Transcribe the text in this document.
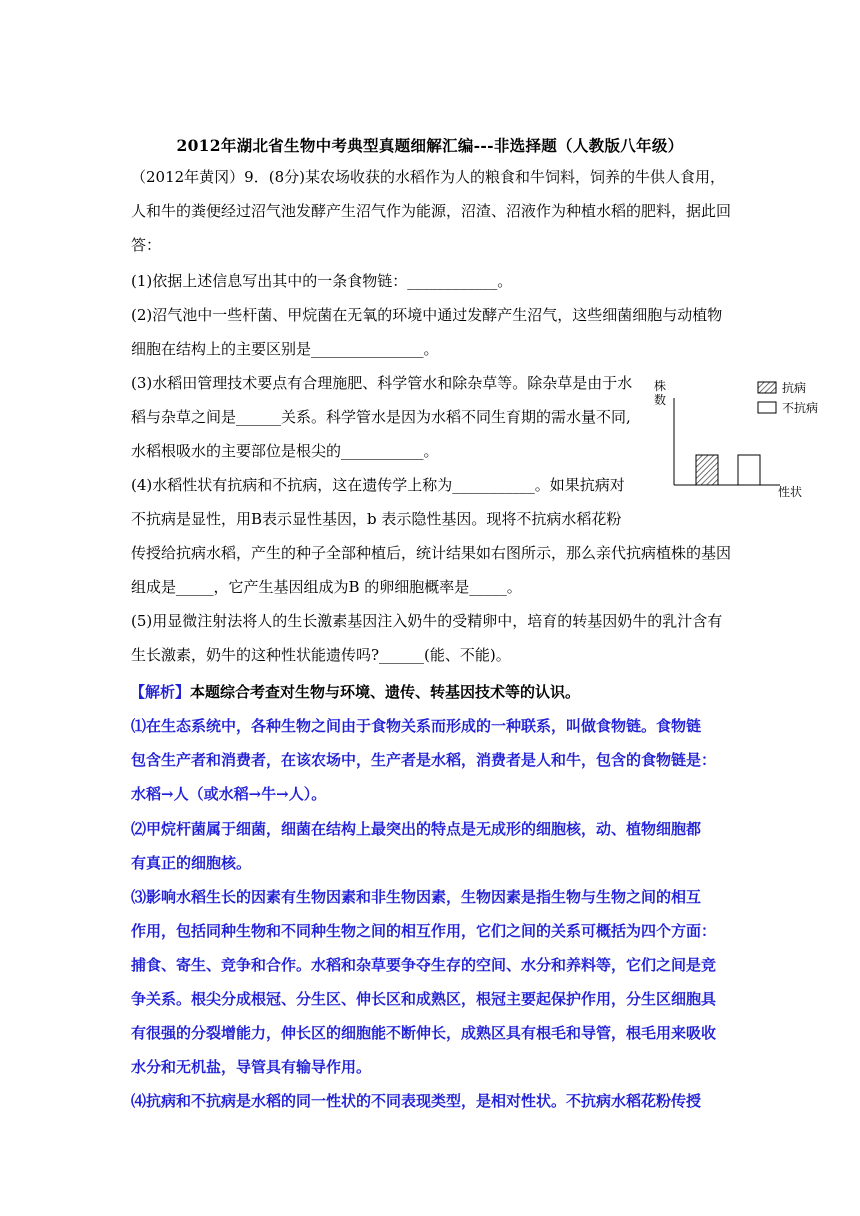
2012年湖北省生物中考典型真题细解汇编---非选择题（人教版八年级）
（2012年黄冈）9．(8分)某农场收获的水稻作为人的粮食和牛饲料，饲养的牛供人食用，
人和牛的粪便经过沼气池发酵产生沼气作为能源，沼渣、沼液作为种植水稻的肥料，据此回
答：
(1)依据上述信息写出其中的一条食物链：____________。
(2)沼气池中一些杆菌、甲烷菌在无氧的环境中通过发酵产生沼气，这些细菌细胞与动植物
细胞在结构上的主要区别是_______________。
(3)水稻田管理技术要点有合理施肥、科学管水和除杂草等。除杂草是由于水
稻与杂草之间是______关系。科学管水是因为水稻不同生育期的需水量不同,
水稻根吸水的主要部位是根尖的___________。
(4)水稻性状有抗病和不抗病，这在遗传学上称为___________。如果抗病对
不抗病是显性，用B表示显性基因，b 表示隐性基因。现将不抗病水稻花粉
传授给抗病水稻，产生的种子全部种植后，统计结果如右图所示，那么亲代抗病植株的基因
组成是_____，它产生基因组成为B 的卵细胞概率是_____。
(5)用显微注射法将人的生长激素基因注入奶牛的受精卵中，培育的转基因奶牛的乳汁含有
生长激素，奶牛的这种性状能遗传吗?______(能、不能)。
株
数
性状
抗病
不抗病
【解析】本题综合考查对生物与环境、遗传、转基因技术等的认识。
⑴在生态系统中，各种生物之间由于食物关系而形成的一种联系，叫做食物链。食物链
包含生产者和消费者，在该农场中，生产者是水稻，消费者是人和牛，包含的食物链是：
水稻→人（或水稻→牛→人）。
⑵甲烷杆菌属于细菌，细菌在结构上最突出的特点是无成形的细胞核，动、植物细胞都
有真正的细胞核。
⑶影响水稻生长的因素有生物因素和非生物因素，生物因素是指生物与生物之间的相互
作用，包括同种生物和不同种生物之间的相互作用，它们之间的关系可概括为四个方面：
捕食、寄生、竞争和合作。水稻和杂草要争夺生存的空间、水分和养料等，它们之间是竞
争关系。根尖分成根冠、分生区、伸长区和成熟区，根冠主要起保护作用，分生区细胞具
有很强的分裂增能力，伸长区的细胞能不断伸长，成熟区具有根毛和导管，根毛用来吸收
水分和无机盐，导管具有输导作用。
⑷抗病和不抗病是水稻的同一性状的不同表现类型，是相对性状。不抗病水稻花粉传授
